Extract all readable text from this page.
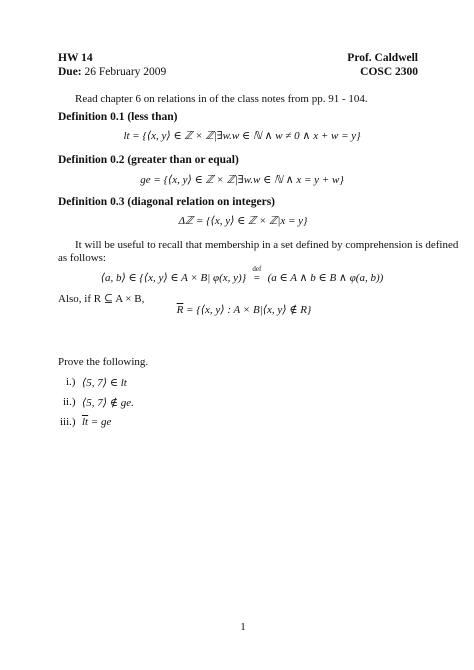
HW 14
Due: 26 February 2009
Prof. Caldwell
COSC 2300
Read chapter 6 on relations in of the class notes from pp. 91 - 104.
Definition 0.1 (less than)
lt = {⟨x, y⟩ ∈ ℤ × ℤ|∃w.w ∈ ℕ ∧ w ≠ 0 ∧ x + w = y}
Definition 0.2 (greater than or equal)
ge = {⟨x, y⟩ ∈ ℤ × ℤ|∃w.w ∈ ℕ ∧ x = y + w}
Definition 0.3 (diagonal relation on integers)
Δℤ = {⟨x, y⟩ ∈ ℤ × ℤ|x = y}
It will be useful to recall that membership in a set defined by comprehension is defined
as follows:
⟨a, b⟩ ∈ {⟨x, y⟩ ∈ A × B| φ(x, y)}
def
= (a ∈ A ∧ b ∈ B ∧ φ(a, b))
Also, if R ⊆ A × B,
$\overline{R}$ = {⟨x, y⟩ : A × B|⟨x, y⟩ ∉ R}
Prove the following.
i.) ⟨5, 7⟩ ∈ lt
ii.) ⟨5, 7⟩ ∉ ge.
iii.) $\overline{lt}$ = ge
1
